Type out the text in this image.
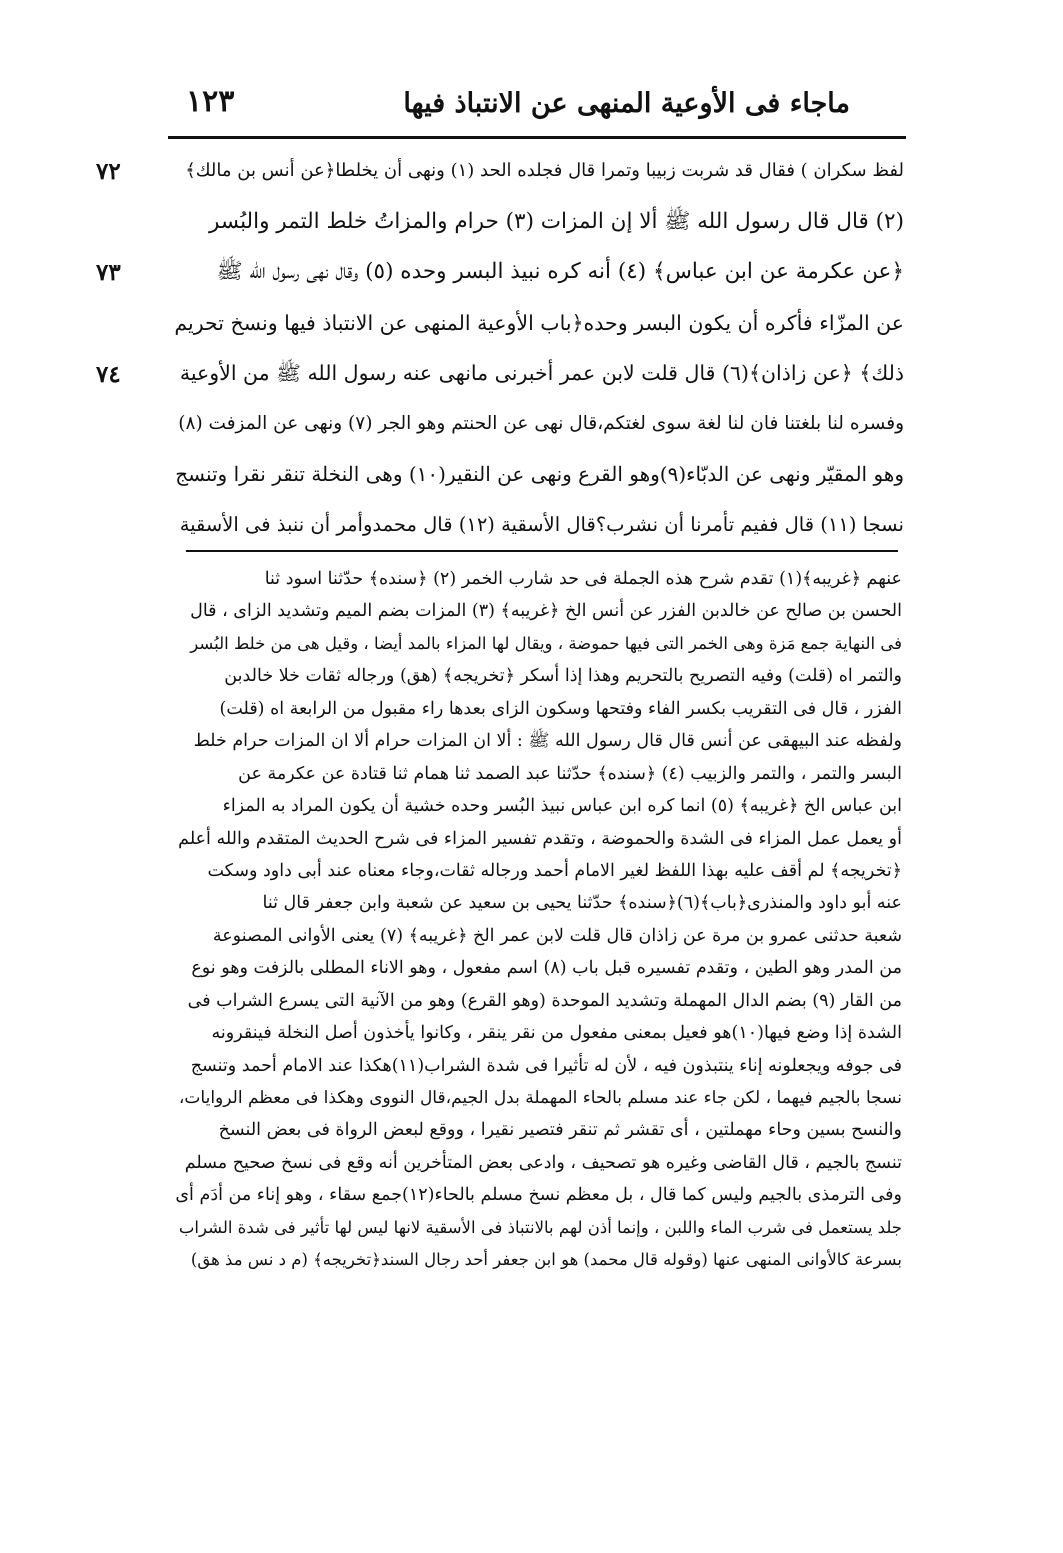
ماجاء فى الأوعية المنهى عن الانتباذ فيها
١٢٣
٧٢
٧٣
٧٤
لفظ سكران ) فقال قد شربت زبيبا وتمرا قال فجلده الحد (١) ونهى أن يخلطا﴿عن أنس بن مالك﴾
(٢) قال قال رسول الله ﷺ ألا إن المزات (٣) حرام والمزاتُ خلط التمر والبُسر
﴿عن عكرمة عن ابن عباس﴾ (٤) أنه كره نبيذ البسر وحده (٥) وقال نهى رسول الله ﷺ
عن المزّاء فأكره أن يكون البسر وحده﴿باب الأوعية المنهى عن الانتباذ فيها ونسخ تحريم
ذلك﴾ ﴿عن زاذان﴾(٦) قال قلت لابن عمر أخبرنى مانهى عنه رسول الله ﷺ من الأوعية
وفسره لنا بلغتنا فان لنا لغة سوى لغتكم،قال نهى عن الحنتم وهو الجر (٧) ونهى عن المزفت (٨)
وهو المقيّر ونهى عن الدبّاء(٩)وهو القرع ونهى عن النقير(١٠) وهى النخلة تنقر نقرا وتنسج
نسجا (١١) قال ففيم تأمرنا أن نشرب؟قال الأسقية (١٢) قال محمدوأمر أن ننبذ فى الأسقية
عنهم ﴿غريبه﴾(١) تقدم شرح هذه الجملة فى حد شارب الخمر (٢) ﴿سنده﴾ حدّثنا اسود ثنا
الحسن بن صالح عن خالدبن الفزر عن أنس الخ ﴿غريبه﴾ (٣) المزات بضم الميم وتشديد الزاى ، قال
فى النهاية جمع مَزة وهى الخمر التى فيها حموضة ، ويقال لها المزاء بالمد أيضا ، وقيل هى من خلط البُسر
والتمر اه (قلت) وفيه التصريح بالتحريم وهذا إذا أسكر ﴿تخريجه﴾ (هق) ورجاله ثقات خلا خالدبن
الفزر ، قال فى التقريب بكسر الفاء وفتحها وسكون الزاى بعدها راء مقبول من الرابعة اه (قلت)
ولفظه عند البيهقى عن أنس قال قال رسول الله ﷺ : ألا ان المزات حرام ألا ان المزات حرام خلط
البسر والتمر ، والتمر والزبيب (٤) ﴿سنده﴾ حدّثنا عبد الصمد ثنا همام ثنا قتادة عن عكرمة عن
ابن عباس الخ ﴿غريبه﴾ (٥) انما كره ابن عباس نبيذ البُسر وحده خشية أن يكون المراد به المزاء
أو يعمل عمل المزاء فى الشدة والحموضة ، وتقدم تفسير المزاء فى شرح الحديث المتقدم والله أعلم
﴿تخريجه﴾ لم أقف عليه بهذا اللفظ لغير الامام أحمد ورجاله ثقات،وجاء معناه عند أبى داود وسكت
عنه أبو داود والمنذرى﴿باب﴾(٦)﴿سنده﴾ حدّثنا يحيى بن سعيد عن شعبة وابن جعفر قال ثنا
شعبة حدثنى عمرو بن مرة عن زاذان قال قلت لابن عمر الخ ﴿غريبه﴾ (٧) يعنى الأوانى المصنوعة
من المدر وهو الطين ، وتقدم تفسيره قبل باب (٨) اسم مفعول ، وهو الاناء المطلى بالزفت وهو نوع
من القار (٩) بضم الدال المهملة وتشديد الموحدة (وهو القرع) وهو من الآنية التى يسرع الشراب فى
الشدة إذا وضع فيها(١٠)هو فعيل بمعنى مفعول من نقر ينقر ، وكانوا يأخذون أصل النخلة فينقرونه
فى جوفه ويجعلونه إناء ينتبذون فيه ، لأن له تأثيرا فى شدة الشراب(١١)هكذا عند الامام أحمد وتنسج
نسجا بالجيم فيهما ، لكن جاء عند مسلم بالحاء المهملة بدل الجيم،قال النووى وهكذا فى معظم الروايات،
والنسح بسين وحاء مهملتين ، أى تقشر ثم تنقر فتصير نقيرا ، ووقع لبعض الرواة فى بعض النسخ
تنسج بالجيم ، قال القاضى وغيره هو تصحيف ، وادعى بعض المتأخرين أنه وقع فى نسخ صحيح مسلم
وفى الترمذى بالجيم وليس كما قال ، بل معظم نسخ مسلم بالحاء(١٢)جمع سقاء ، وهو إناء من أدَم أى
جلد يستعمل فى شرب الماء واللبن ، وإنما أذن لهم بالانتباذ فى الأسقية لانها ليس لها تأثير فى شدة الشراب
بسرعة كالأوانى المنهى عنها (وقوله قال محمد) هو ابن جعفر أحد رجال السند﴿تخريجه﴾ (م د نس مذ هق)
